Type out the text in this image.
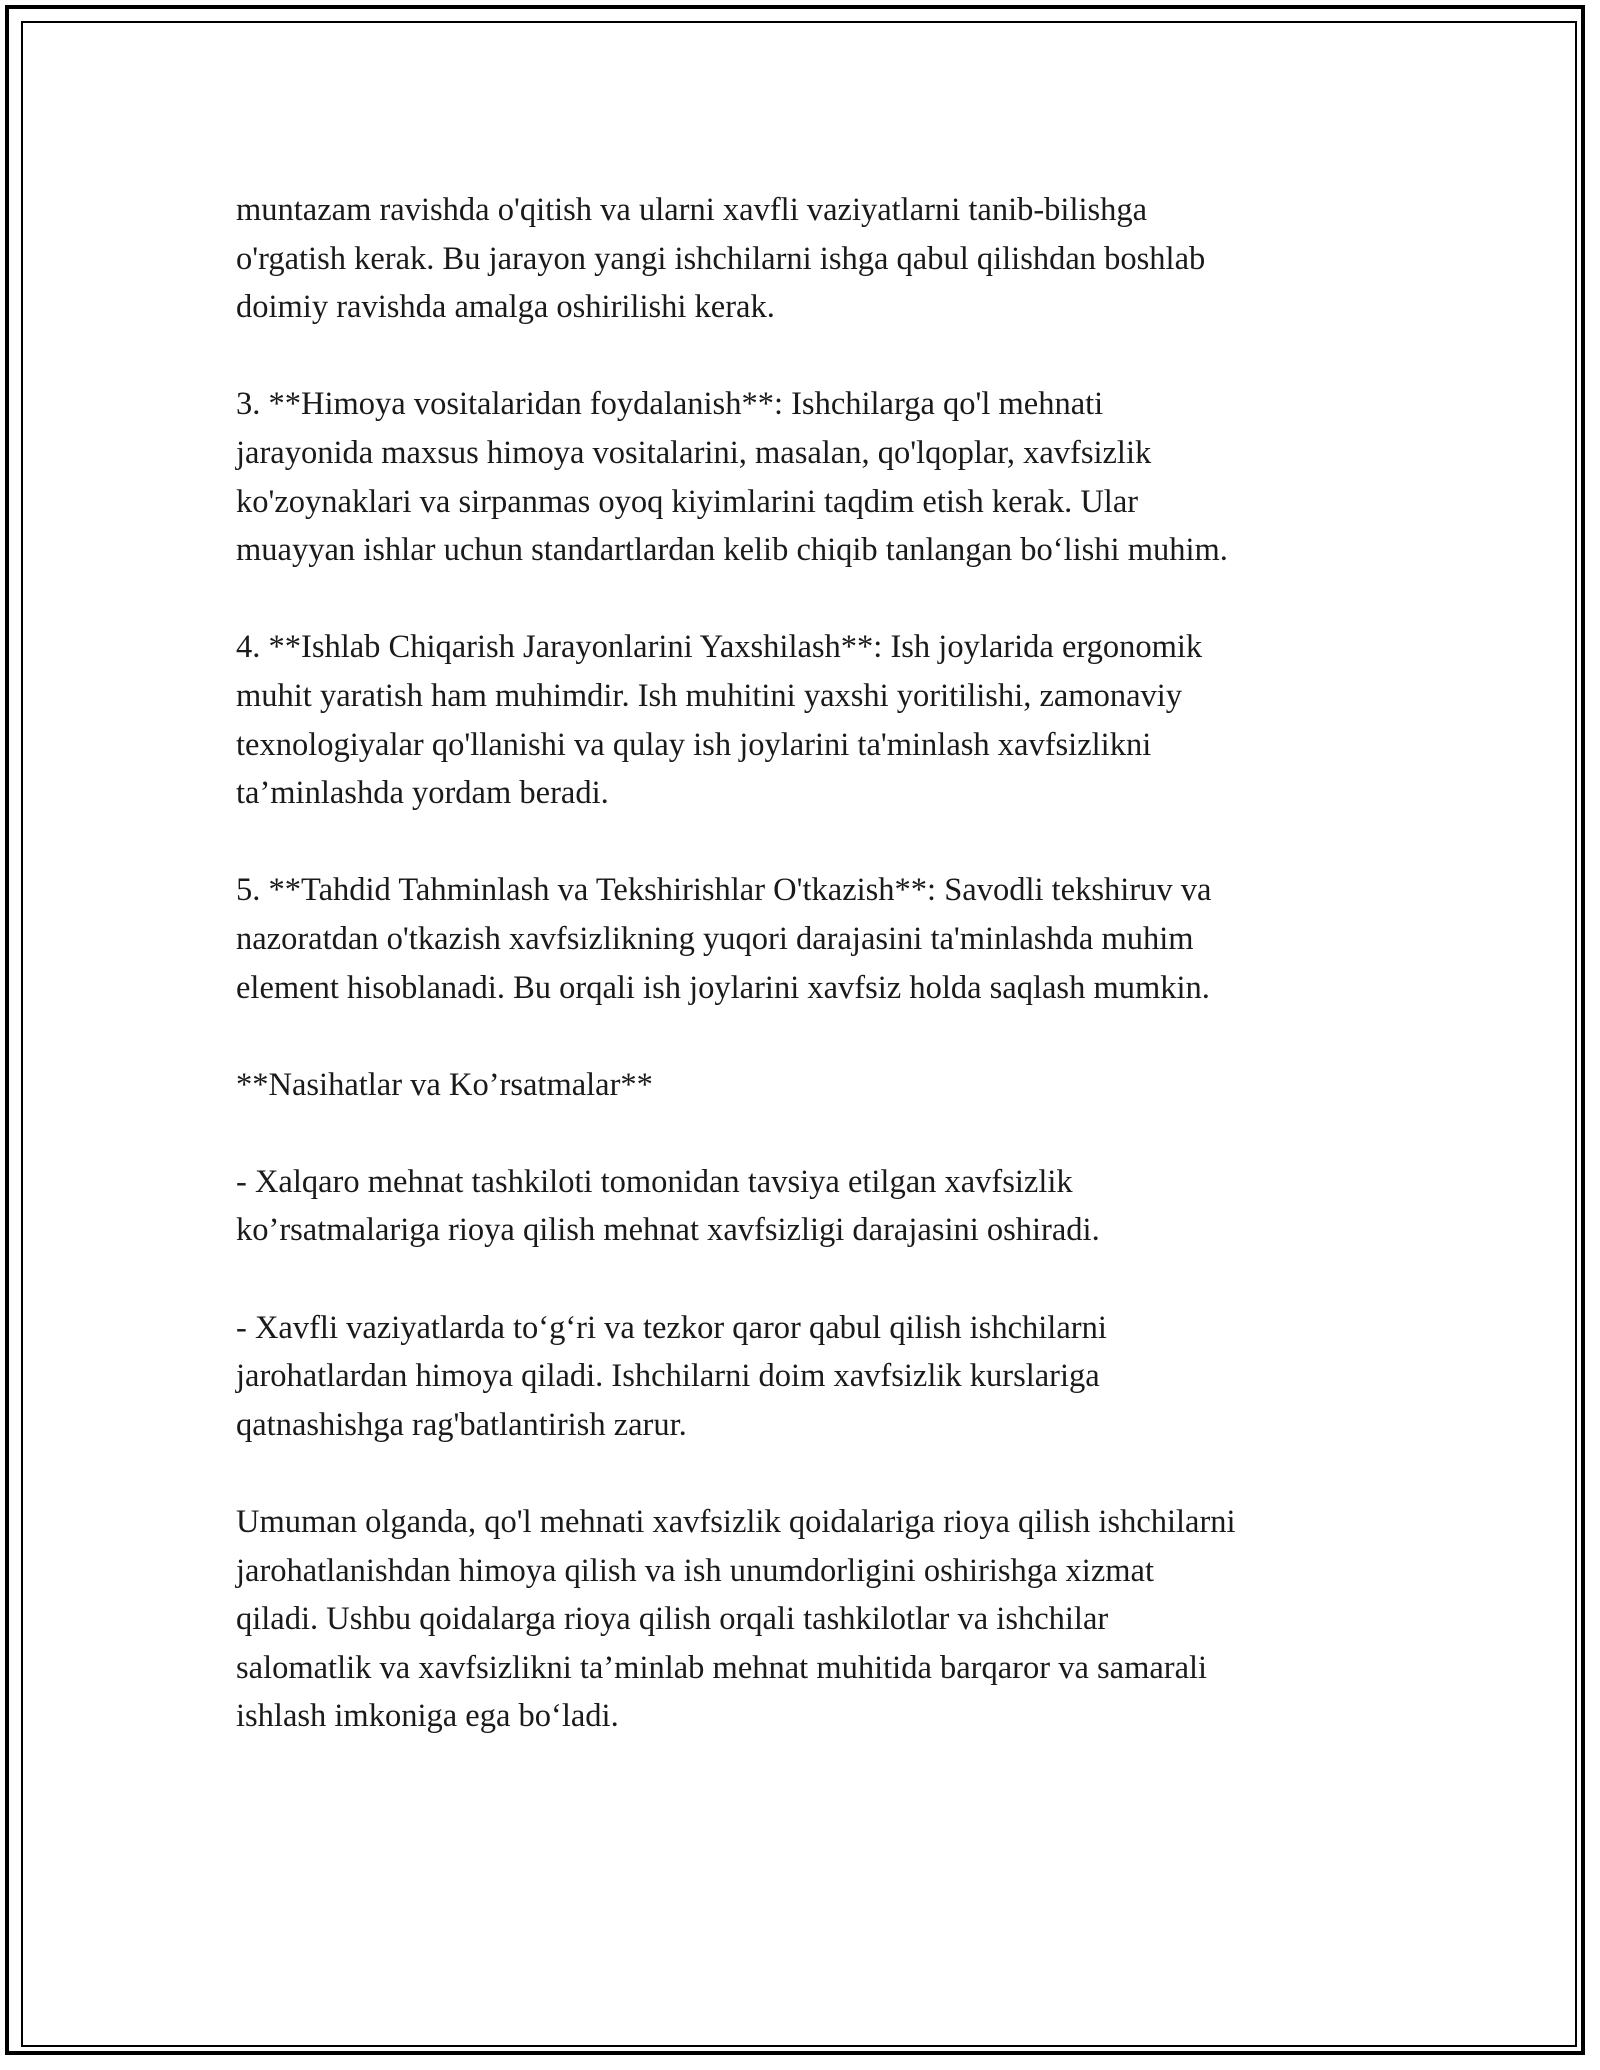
muntazam ravishda o'qitish va ularni xavfli vaziyatlarni tanib-bilishga
o'rgatish kerak. Bu jarayon yangi ishchilarni ishga qabul qilishdan boshlab
doimiy ravishda amalga oshirilishi kerak.

3. **Himoya vositalaridan foydalanish**: Ishchilarga qo'l mehnati
jarayonida maxsus himoya vositalarini, masalan, qo'lqoplar, xavfsizlik
ko'zoynaklari va sirpanmas oyoq kiyimlarini taqdim etish kerak. Ular
muayyan ishlar uchun standartlardan kelib chiqib tanlangan bo‘lishi muhim.

4. **Ishlab Chiqarish Jarayonlarini Yaxshilash**: Ish joylarida ergonomik
muhit yaratish ham muhimdir. Ish muhitini yaxshi yoritilishi, zamonaviy
texnologiyalar qo'llanishi va qulay ish joylarini ta'minlash xavfsizlikni
ta’minlashda yordam beradi.

5. **Tahdid Tahminlash va Tekshirishlar O'tkazish**: Savodli tekshiruv va
nazoratdan o'tkazish xavfsizlikning yuqori darajasini ta'minlashda muhim
element hisoblanadi. Bu orqali ish joylarini xavfsiz holda saqlash mumkin.

**Nasihatlar va Ko’rsatmalar**

- Xalqaro mehnat tashkiloti tomonidan tavsiya etilgan xavfsizlik
ko’rsatmalariga rioya qilish mehnat xavfsizligi darajasini oshiradi.

- Xavfli vaziyatlarda to‘g‘ri va tezkor qaror qabul qilish ishchilarni
jarohatlardan himoya qiladi. Ishchilarni doim xavfsizlik kurslariga
qatnashishga rag'batlantirish zarur.

Umuman olganda, qo'l mehnati xavfsizlik qoidalariga rioya qilish ishchilarni
jarohatlanishdan himoya qilish va ish unumdorligini oshirishga xizmat
qiladi. Ushbu qoidalarga rioya qilish orqali tashkilotlar va ishchilar
salomatlik va xavfsizlikni ta’minlab mehnat muhitida barqaror va samarali
ishlash imkoniga ega bo‘ladi.
